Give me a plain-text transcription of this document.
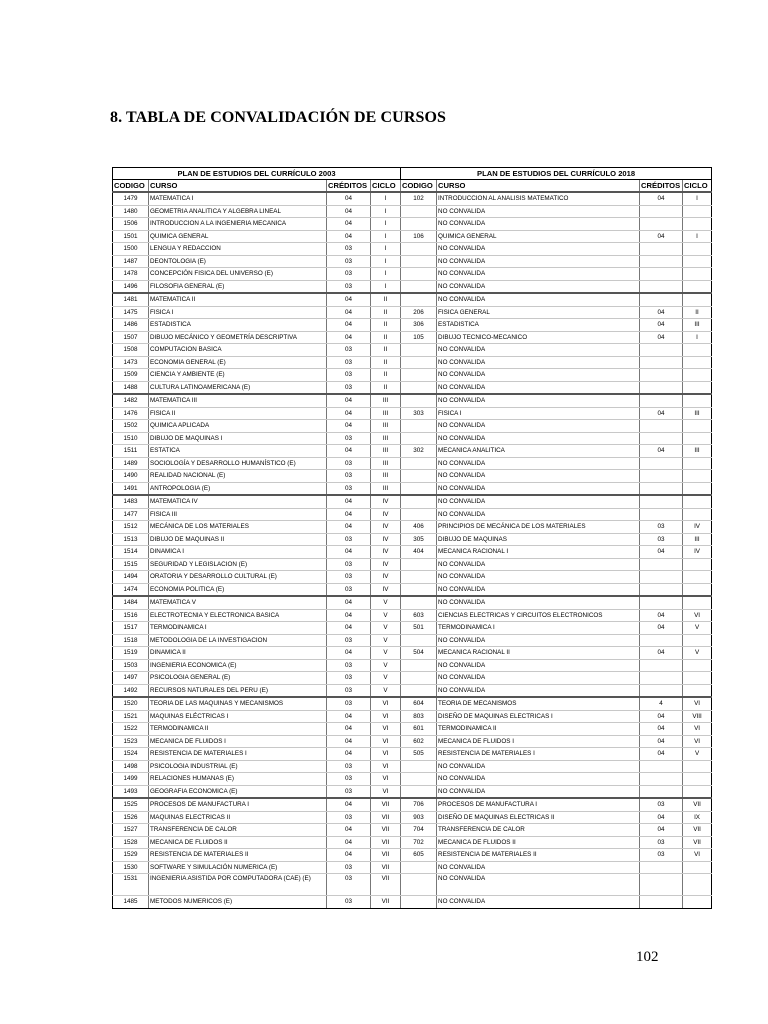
8. TABLA DE CONVALIDACIÓN DE CURSOS
PLAN DE ESTUDIOS DEL CURRÍCULO 2003				PLAN DE ESTUDIOS DEL CURRÍCULO 2018			
CODIGO	CURSO	CRÉDITOS	CICLO	CODIGO	CURSO	CRÉDITOS	CICLO
1479	MATEMATICA I	04	I	102	INTRODUCCION AL ANALISIS MATEMATICO	04	I
1480	GEOMETRIA ANALITICA Y ALGEBRA LINEAL	04	I		NO CONVALIDA		
1506	INTRODUCCION A LA INGENIERIA MECANICA	04	I		NO CONVALIDA		
1501	QUIMICA GENERAL	04	I	106	QUIMICA GENERAL	04	I
1500	LENGUA Y REDACCION	03	I		NO CONVALIDA		
1487	DEONTOLOGIA (E)	03	I		NO CONVALIDA		
1478	CONCEPCIÓN FISICA DEL UNIVERSO (E)	03	I		NO CONVALIDA		
1496	FILOSOFIA GENERAL (E)	03	I		NO CONVALIDA		
1481	MATEMATICA II	04	II		NO CONVALIDA		
1475	FISICA I	04	II	206	FISICA GENERAL	04	II
1486	ESTADISTICA	04	II	306	ESTADISTICA	04	III
1507	DIBUJO MECÁNICO Y GEOMETRÍA DESCRIPTIVA	04	II	105	DIBUJO TECNICO-MECANICO	04	I
1508	COMPUTACION BASICA	03	II		NO CONVALIDA		
1473	ECONOMIA GENERAL (E)	03	II		NO CONVALIDA		
1509	CIENCIA Y AMBIENTE (E)	03	II		NO CONVALIDA		
1488	CULTURA LATINOAMERICANA (E)	03	II		NO CONVALIDA		
1482	MATEMATICA III	04	III		NO CONVALIDA		
1476	FISICA II	04	III	303	FISICA I	04	III
1502	QUIMICA APLICADA	04	III		NO CONVALIDA		
1510	DIBUJO DE MAQUINAS I	03	III		NO CONVALIDA		
1511	ESTATICA	04	III	302	MECANICA ANALITICA	04	III
1489	SOCIOLOGÍA Y DESARROLLO HUMANÍSTICO (E)	03	III		NO CONVALIDA		
1490	REALIDAD NACIONAL (E)	03	III		NO CONVALIDA		
1491	ANTROPOLOGIA (E)	03	III		NO CONVALIDA		
1483	MATEMATICA IV	04	IV		NO CONVALIDA		
1477	FISICA III	04	IV		NO CONVALIDA		
1512	MECÁNICA DE LOS MATERIALES	04	IV	406	PRINCIPIOS DE MECÁNICA DE LOS MATERIALES	03	IV
1513	DIBUJO DE MAQUINAS II	03	IV	305	DIBUJO DE MAQUINAS	03	III
1514	DINAMICA I	04	IV	404	MECANICA RACIONAL I	04	IV
1515	SEGURIDAD Y LEGISLACION (E)	03	IV		NO CONVALIDA		
1494	ORATORIA Y DESARROLLO CULTURAL (E)	03	IV		NO CONVALIDA		
1474	ECONOMIA POLITICA (E)	03	IV		NO CONVALIDA		
1484	MATEMATICA V	04	V		NO CONVALIDA		
1516	ELECTROTECNIA Y ELECTRONICA BASICA	04	V	603	CIENCIAS ELECTRICAS Y CIRCUITOS ELECTRONICOS	04	VI
1517	TERMODINAMICA I	04	V	501	TERMODINAMICA I	04	V
1518	METODOLOGIA DE LA INVESTIGACION	03	V		NO CONVALIDA		
1519	DINAMICA II	04	V	504	MECANICA RACIONAL II	04	V
1503	INGENIERIA ECONOMICA (E)	03	V		NO CONVALIDA		
1497	PSICOLOGIA GENERAL (E)	03	V		NO CONVALIDA		
1492	RECURSOS NATURALES DEL PERU (E)	03	V		NO CONVALIDA		
1520	TEORIA DE LAS MAQUINAS Y MECANISMOS	03	VI	604	TEORIA DE MECANISMOS	4	VI
1521	MAQUINAS ELÉCTRICAS I	04	VI	803	DISEÑO DE MAQUINAS ELECTRICAS I	04	VIII
1522	TERMODINAMICA II	04	VI	601	TERMODINAMICA II	04	VI
1523	MECANICA DE FLUIDOS I	04	VI	602	MECANICA DE FLUIDOS I	04	VI
1524	RESISTENCIA DE MATERIALES I	04	VI	505	RESISTENCIA DE MATERIALES I	04	V
1498	PSICOLOGIA INDUSTRIAL (E)	03	VI		NO CONVALIDA		
1499	RELACIONES HUMANAS (E)	03	VI		NO CONVALIDA		
1493	GEOGRAFIA ECONOMICA (E)	03	VI		NO CONVALIDA		
1525	PROCESOS DE MANUFACTURA I	04	VII	706	PROCESOS DE MANUFACTURA I	03	VII
1526	MAQUINAS ELECTRICAS II	03	VII	903	DISEÑO DE MAQUINAS ELECTRICAS II	04	IX
1527	TRANSFERENCIA DE CALOR	04	VII	704	TRANSFERENCIA DE CALOR	04	VII
1528	MECANICA DE FLUIDOS II	04	VII	702	MECANICA DE FLUIDOS II	03	VII
1529	RESISTENCIA DE MATERIALES II	04	VII	605	RESISTENCIA DE MATERIALES II	03	VI
1530	SOFTWARE Y SIMULACIÓN NUMERICA (E)	03	VII		NO CONVALIDA		
1531	INGENIERIA ASISTIDA POR COMPUTADORA (CAE) (E)	03	VII		NO CONVALIDA		
1485	METODOS NUMERICOS (E)	03	VII		NO CONVALIDA		
102
